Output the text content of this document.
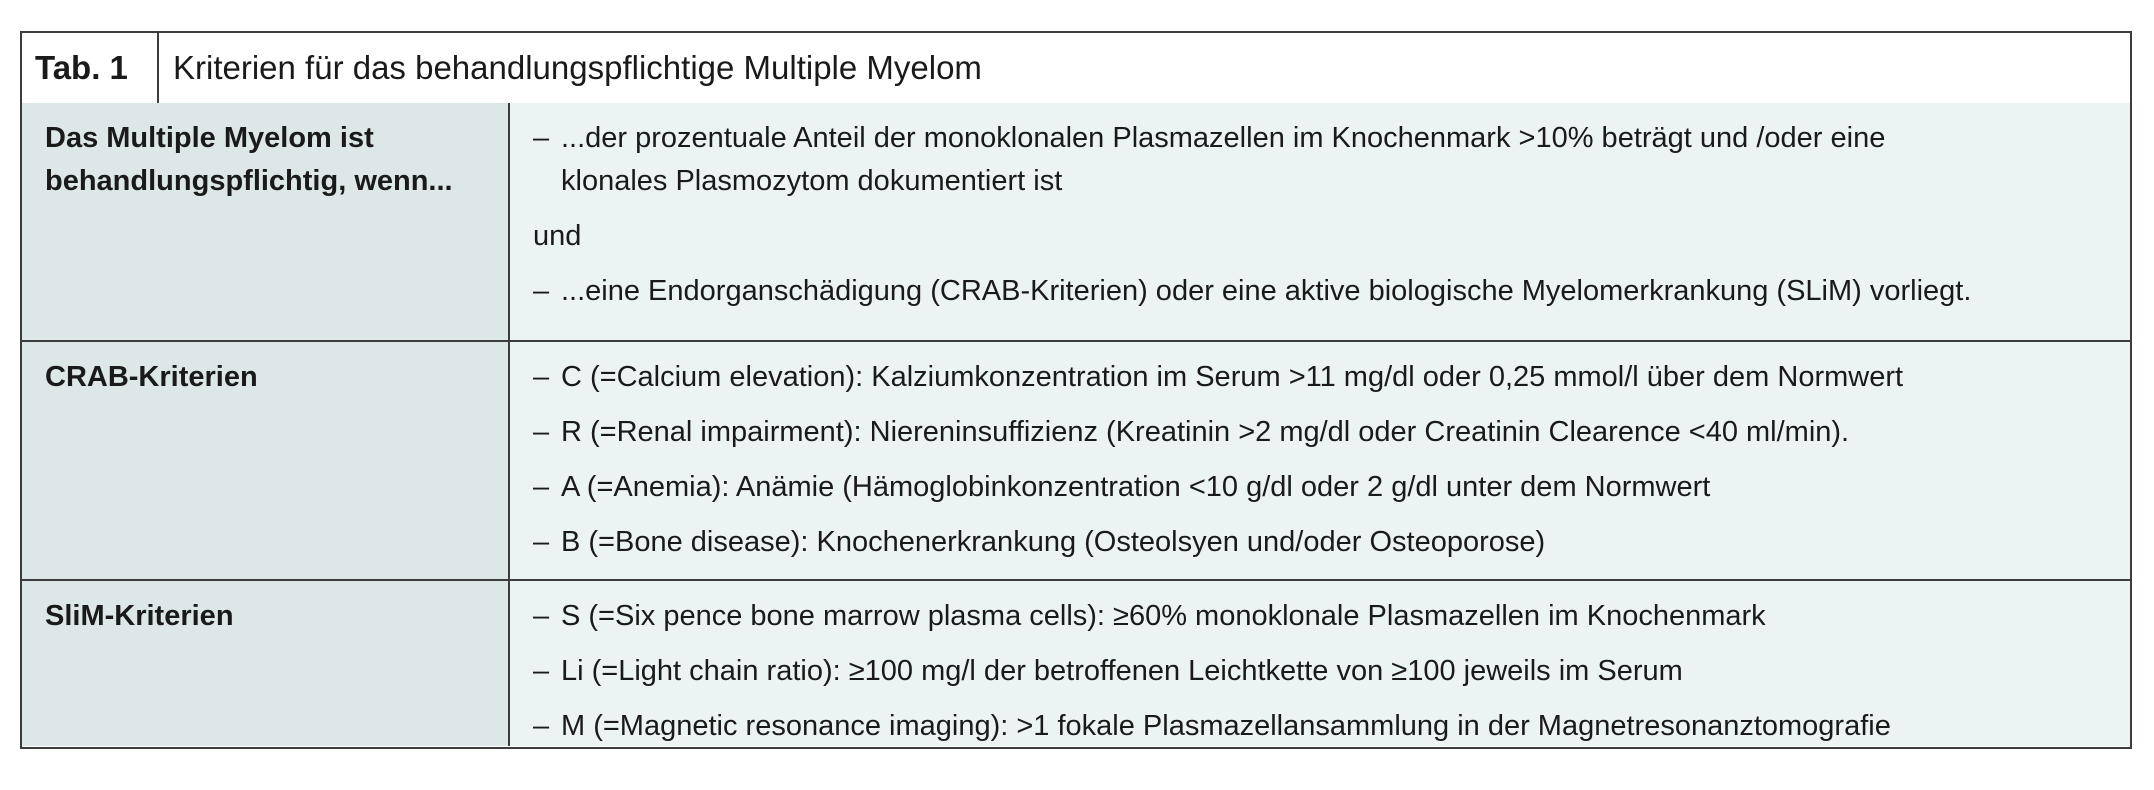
Tab. 1	Kriterien für das behandlungspflichtige Multiple Myelom
Das Multiple Myelom ist
behandlungspflichtig, wenn...
– ...der prozentuale Anteil der monoklonalen Plasmazellen im Knochenmark >10% beträgt und /oder eine
klonales Plasmozytom dokumentiert ist
und
– ...eine Endorganschädigung (CRAB-Kriterien) oder eine aktive biologische Myelomerkrankung (SLiM) vorliegt.
CRAB-Kriterien	– C (=Calcium elevation): Kalziumkonzentration im Serum >11 mg/dl oder 0,25 mmol/l über dem Normwert
– R (=Renal impairment): Niereninsuffizienz (Kreatinin >2 mg/dl oder Creatinin Clearence <40 ml/min).
– A (=Anemia): Anämie (Hämoglobinkonzentration <10 g/dl oder 2 g/dl unter dem Normwert
– B (=Bone disease): Knochenerkrankung (Osteolsyen und/oder Osteoporose)
SliM-Kriterien	– S (=Six pence bone marrow plasma cells): ≥60% monoklonale Plasmazellen im Knochenmark
– Li (=Light chain ratio): ≥100 mg/l der betroffenen Leichtkette von ≥100 jeweils im Serum
– M (=Magnetic resonance imaging): >1 fokale Plasmazellansammlung in der Magnetresonanztomografie
